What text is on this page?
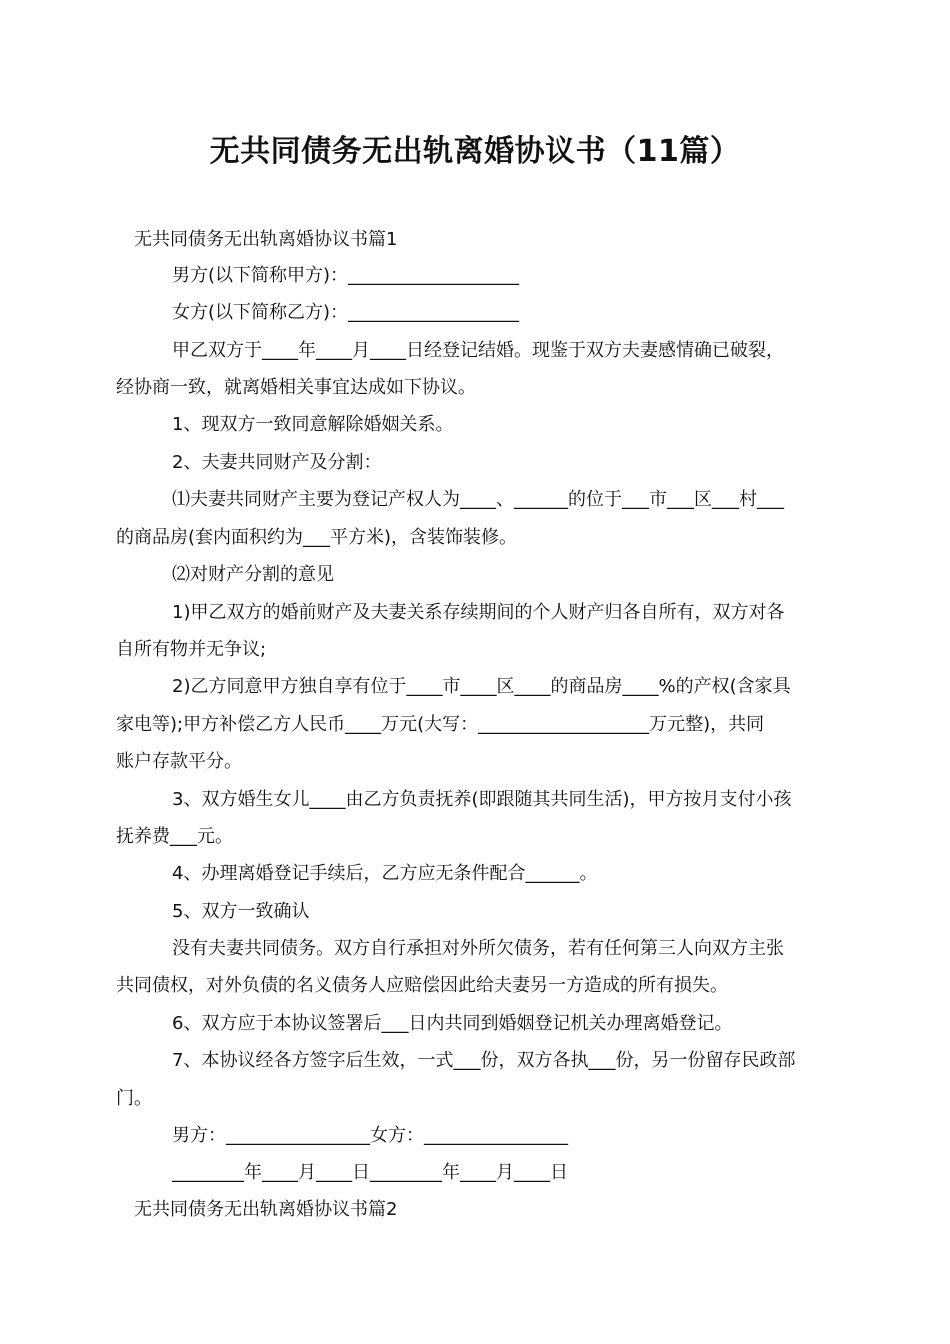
无共同债务无出轨离婚协议书（11篇）
无共同债务无出轨离婚协议书篇1
男方(以下简称甲方)：___________________
女方(以下简称乙方)：___________________
甲乙双方于____年____月____日经登记结婚。现鉴于双方夫妻感情确已破裂，
经协商一致，就离婚相关事宜达成如下协议。
1、现双方一致同意解除婚姻关系。
2、夫妻共同财产及分割：
⑴夫妻共同财产主要为登记产权人为____、______的位于___市___区___村___
的商品房(套内面积约为___平方米)，含装饰装修。
⑵对财产分割的意见
1)甲乙双方的婚前财产及夫妻关系存续期间的个人财产归各自所有，双方对各
自所有物并无争议;
2)乙方同意甲方独自享有位于____市____区____的商品房____%的产权(含家具
家电等);甲方补偿乙方人民币____万元(大写：___________________万元整)，共同
账户存款平分。
3、双方婚生女儿____由乙方负责抚养(即跟随其共同生活)，甲方按月支付小孩
抚养费___元。
4、办理离婚登记手续后，乙方应无条件配合______。
5、双方一致确认
没有夫妻共同债务。双方自行承担对外所欠债务，若有任何第三人向双方主张
共同债权，对外负债的名义债务人应赔偿因此给夫妻另一方造成的所有损失。
6、双方应于本协议签署后___日内共同到婚姻登记机关办理离婚登记。
7、本协议经各方签字后生效，一式___份，双方各执___份，另一份留存民政部
门。
男方：________________女方：________________
________年____月____日________年____月____日
无共同债务无出轨离婚协议书篇2
